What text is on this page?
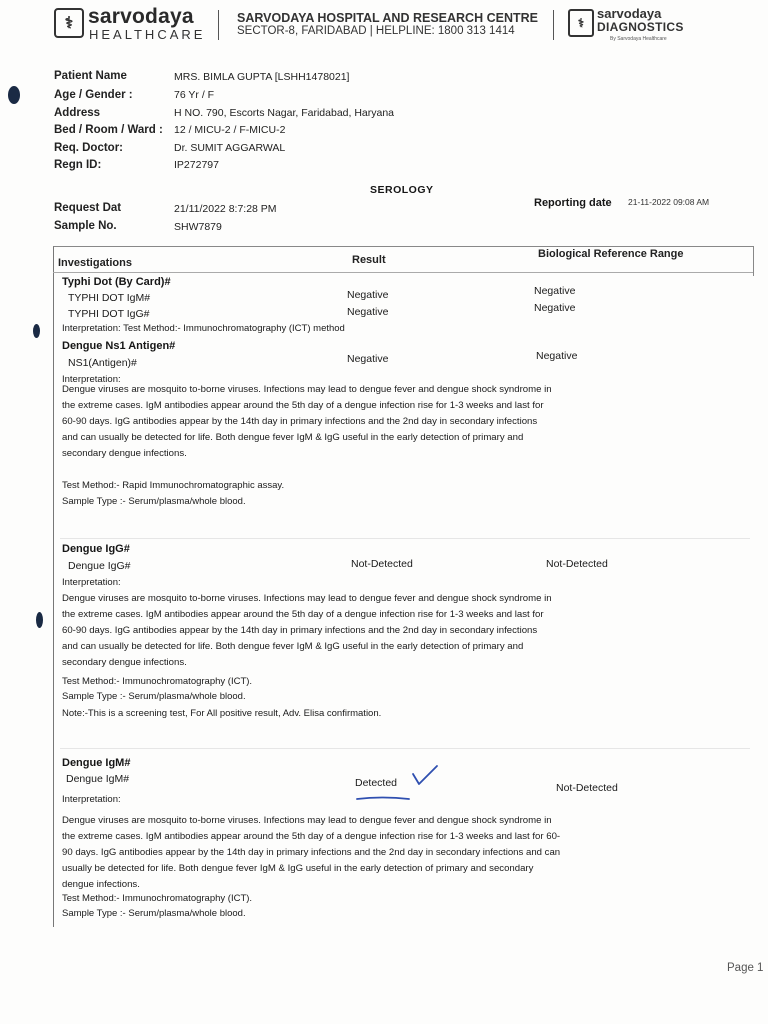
⚕ sarvodaya
HEALTHCARE
SARVODAYA HOSPITAL AND RESEARCH CENTRE
SECTOR-8, FARIDABAD | HELPLINE: 1800 313 1414
⚕
sarvodaya
DIAGNOSTICS
By Sarvodaya Healthcare
Patient Name	MRS. BIMLA GUPTA [LSHH1478021]
Age / Gender :	76 Yr / F
Address	H NO. 790, Escorts Nagar, Faridabad, Haryana
Bed / Room / Ward : 12 / MICU-2 / F-MICU-2
Req. Doctor:	Dr. SUMIT AGGARWAL
Regn ID:	IP272797
SEROLOGY
Request Dat	21/11/2022 8:7:28 PM	Reporting date 21-11-2022 09:08 AM
Sample No.	SHW7879
Investigations	Result	Biological Reference Range
Typhi Dot (By Card)#
TYPHI DOT IgM#	Negative	Negative
TYPHI DOT IgG#	Negative	Negative
Interpretation: Test Method:- Immunochromatography (ICT) method
Dengue Ns1 Antigen#
NS1(Antigen)#	Negative	Negative
Interpretation:
Dengue viruses are mosquito to-borne viruses. Infections may lead to dengue fever and dengue shock syndrome in the extreme cases. IgM antibodies appear around the 5th day of a dengue infection rise for 1-3 weeks and last for 60-90 days. IgG antibodies appear by the 14th day in primary infections and the 2nd day in secondary infections and can usually be detected for life. Both dengue fever IgM & IgG useful in the early detection of primary and secondary dengue infections.
Test Method:- Rapid Immunochromatographic assay.
Sample Type :- Serum/plasma/whole blood.
Dengue IgG#
Dengue IgG#	Not-Detected	Not-Detected
Interpretation:
Dengue viruses are mosquito to-borne viruses. Infections may lead to dengue fever and dengue shock syndrome in the extreme cases. IgM antibodies appear around the 5th day of a dengue infection rise for 1-3 weeks and last for 60-90 days. IgG antibodies appear by the 14th day in primary infections and the 2nd day in secondary infections and can usually be detected for life. Both dengue fever IgM & IgG useful in the early detection of primary and secondary dengue infections.
Test Method:- Immunochromatography (ICT).
Sample Type :- Serum/plasma/whole blood.
Note:-This is a screening test, For All positive result, Adv. Elisa confirmation.
Dengue IgM#
Dengue IgM#	Detected	Not-Detected
Interpretation:
Dengue viruses are mosquito to-borne viruses. Infections may lead to dengue fever and dengue shock syndrome in the extreme cases. IgM antibodies appear around the 5th day of a dengue infection rise for 1-3 weeks and last for 60-90 days. IgG antibodies appear by the 14th day in primary infections and the 2nd day in secondary infections and can usually be detected for life. Both dengue fever IgM & IgG useful in the early detection of primary and secondary dengue infections.
Test Method:- Immunochromatography (ICT).
Sample Type :- Serum/plasma/whole blood.
Page 1
